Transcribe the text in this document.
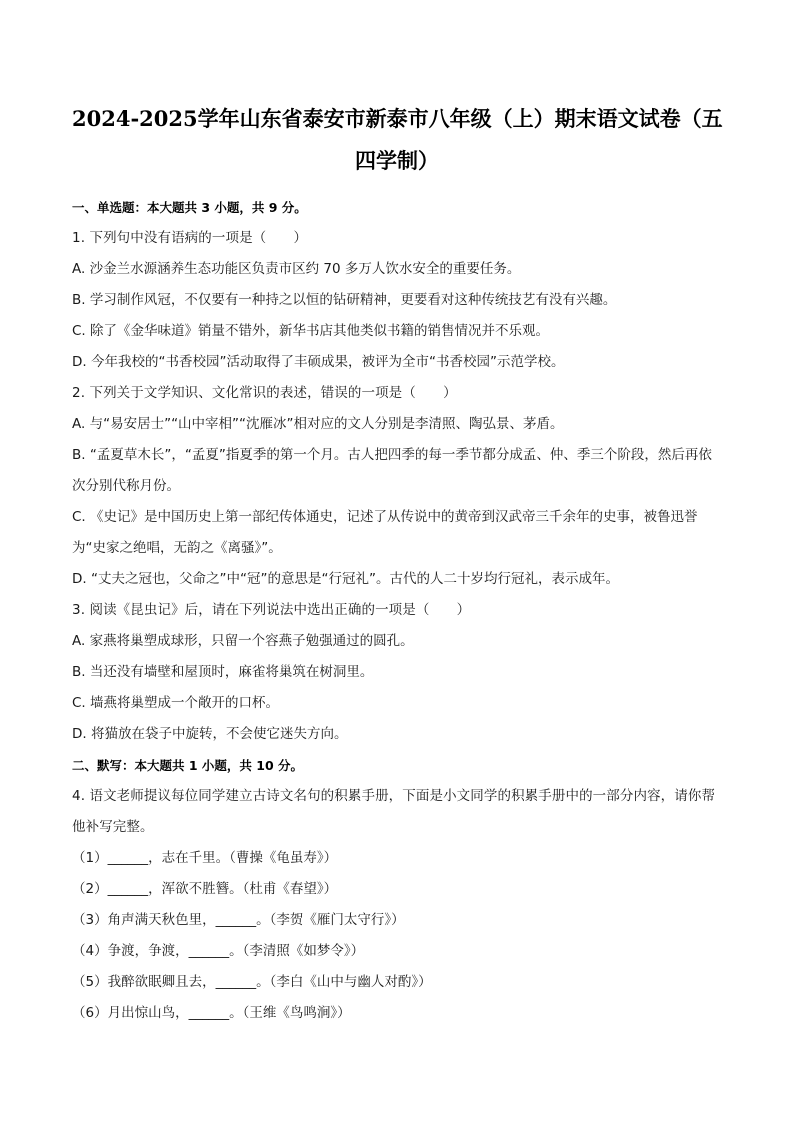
2024-2025学年山东省泰安市新泰市八年级（上）期末语文试卷（五
四学制）
一、单选题：本大题共 3 小题，共 9 分。
1. 下列句中没有语病的一项是（　　）
A. 沙金兰水源涵养生态功能区负责市区约 70 多万人饮水安全的重要任务。
B. 学习制作风冠，不仅要有一种持之以恒的钻研精神，更要看对这种传统技艺有没有兴趣。
C. 除了《金华味道》销量不错外，新华书店其他类似书籍的销售情况并不乐观。
D. 今年我校的“书香校园”活动取得了丰硕成果，被评为全市“书香校园”示范学校。
2. 下列关于文学知识、文化常识的表述，错误的一项是（　　）
A. 与“易安居士”“山中宰相”“沈雁冰”相对应的文人分别是李清照、陶弘景、茅盾。
B. “孟夏草木长”，“孟夏”指夏季的第一个月。古人把四季的每一季节都分成孟、仲、季三个阶段，然后再依次分别代称月份。
C. 《史记》是中国历史上第一部纪传体通史，记述了从传说中的黄帝到汉武帝三千余年的史事，被鲁迅誉为“史家之绝唱，无韵之《离骚》”。
D. “丈夫之冠也，父命之”中“冠”的意思是“行冠礼”。古代的人二十岁均行冠礼，表示成年。
3. 阅读《昆虫记》后，请在下列说法中选出正确的一项是（　　）
A. 家燕将巢塑成球形，只留一个容燕子勉强通过的圆孔。
B. 当还没有墙壁和屋顶时，麻雀将巢筑在树洞里。
C. 墙燕将巢塑成一个敞开的口杯。
D. 将猫放在袋子中旋转，不会使它迷失方向。
二、默写：本大题共 1 小题，共 10 分。
4. 语文老师提议每位同学建立古诗文名句的积累手册，下面是小文同学的积累手册中的一部分内容，请你帮他补写完整。
（1）______，志在千里。（曹操《龟虽寿》）
（2）______，浑欲不胜簪。（杜甫《春望》）
（3）角声满天秋色里，______。（李贺《雁门太守行》）
（4）争渡，争渡，______。（李清照《如梦令》）
（5）我醉欲眠卿且去，______。（李白《山中与幽人对酌》）
（6）月出惊山鸟，______。（王维《鸟鸣涧》）
